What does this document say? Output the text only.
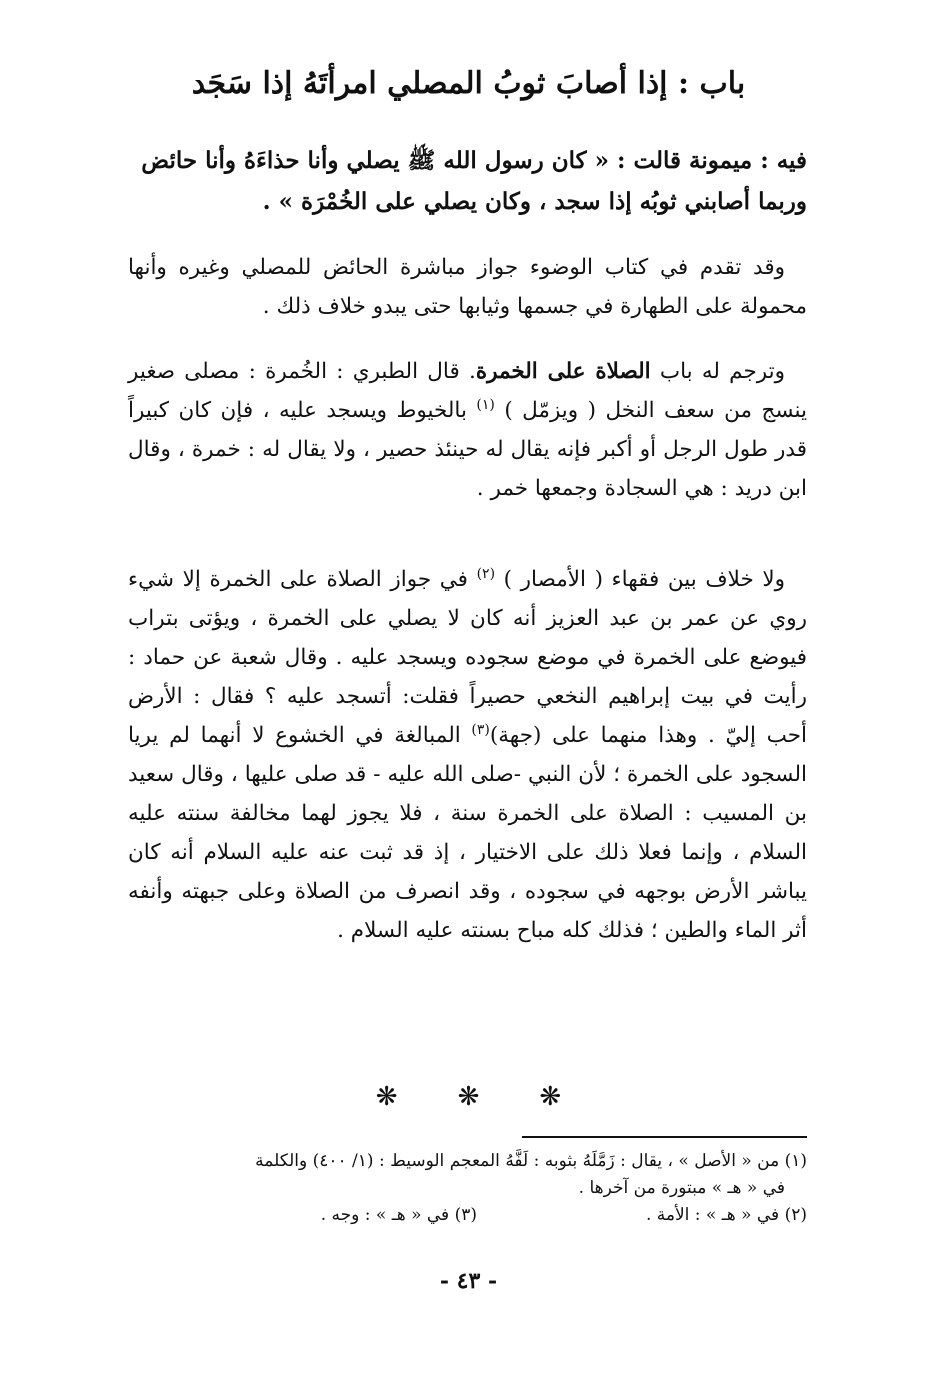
باب : إذا أصابَ ثوبُ المصلي امرأتَهُ إذا سَجَد

فيه : ميمونة قالت : « كان رسول الله ﷺ يصلي وأنا حذاءَهُ وأنا حائض

وربما أصابني ثوبُه إذا سجد ، وكان يصلي على الخُمْرَة » .

وقد تقدم في كتاب الوضوء جواز مباشرة الحائض للمصلي وغيره وأنها محمولة على الطهارة في جسمها وثيابها حتى يبدو خلاف ذلك .

وترجم له باب الصلاة على الخمرة. قال الطبري : الخُمرة : مصلى صغير ينسج من سعف النخل ( ويزمّل ) $^{(١)}$ بالخيوط ويسجد عليه ، فإن كان كبيراً قدر طول الرجل أو أكبر فإنه يقال له حينئذ حصير ، ولا يقال له : خمرة ، وقال ابن دريد : هي السجادة وجمعها خمر .

ولا خلاف بين فقهاء ( الأمصار ) $^{(٢)}$ في جواز الصلاة على الخمرة إلا شيء روي عن عمر بن عبد العزيز أنه كان لا يصلي على الخمرة ، ويؤتى بتراب فيوضع على الخمرة في موضع سجوده ويسجد عليه . وقال شعبة عن حماد : رأيت في بيت إبراهيم النخعي حصيراً فقلت: أتسجد عليه ؟ فقال : الأرض أحب إليّ . وهذا منهما على (جهة)$^{(٣)}$ المبالغة في الخشوع لا أنهما لم يريا السجود على الخمرة ؛ لأن النبي -صلى الله عليه - قد صلى عليها ، وقال سعيد بن المسيب : الصلاة على الخمرة سنة ، فلا يجوز لهما مخالفة سنته عليه السلام ، وإنما فعلا ذلك على الاختيار ، إذ قد ثبت عنه عليه السلام أنه كان يباشر الأرض بوجهه في سجوده ، وقد انصرف من الصلاة وعلى جبهته وأنفه أثر الماء والطين ؛ فذلك كله مباح بسنته عليه السلام .

❋❋❋

(١) من « الأصل » ، يقال : زَمَّلَهُ بثوبه : لَفَّهُ المعجم الوسيط : (١/ ٤٠٠) والكلمة

في « هـ » مبتورة من آخرها .

(٢) في « هـ » : الأمة .
(٣) في « هـ » : وجه .
- ٤٣ -
